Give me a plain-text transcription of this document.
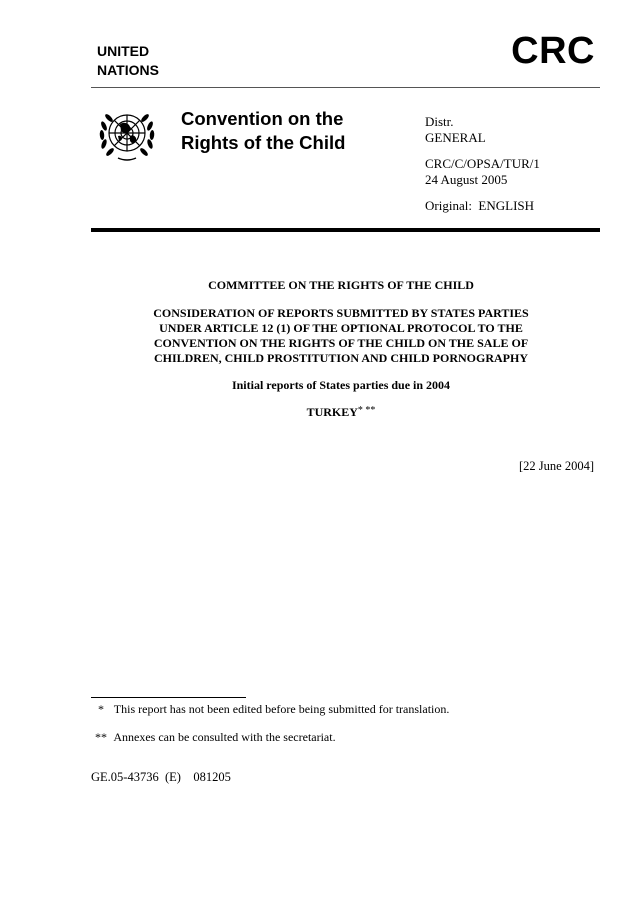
UNITED
NATIONS	CRC
Convention on the
Rights of the Child
Distr.
GENERAL
CRC/C/OPSA/TUR/1
24 August 2005
Original:  ENGLISH
COMMITTEE ON THE RIGHTS OF THE CHILD
CONSIDERATION OF REPORTS SUBMITTED BY STATES PARTIES
UNDER ARTICLE 12 (1) OF THE OPTIONAL PROTOCOL TO THE
CONVENTION ON THE RIGHTS OF THE CHILD ON THE SALE OF
CHILDREN, CHILD PROSTITUTION AND CHILD PORNOGRAPHY
Initial reports of States parties due in 2004
TURKEY* **
[22 June 2004]
* This report has not been edited before being submitted for translation.
** Annexes can be consulted with the secretariat.
GE.05-43736  (E)    081205
